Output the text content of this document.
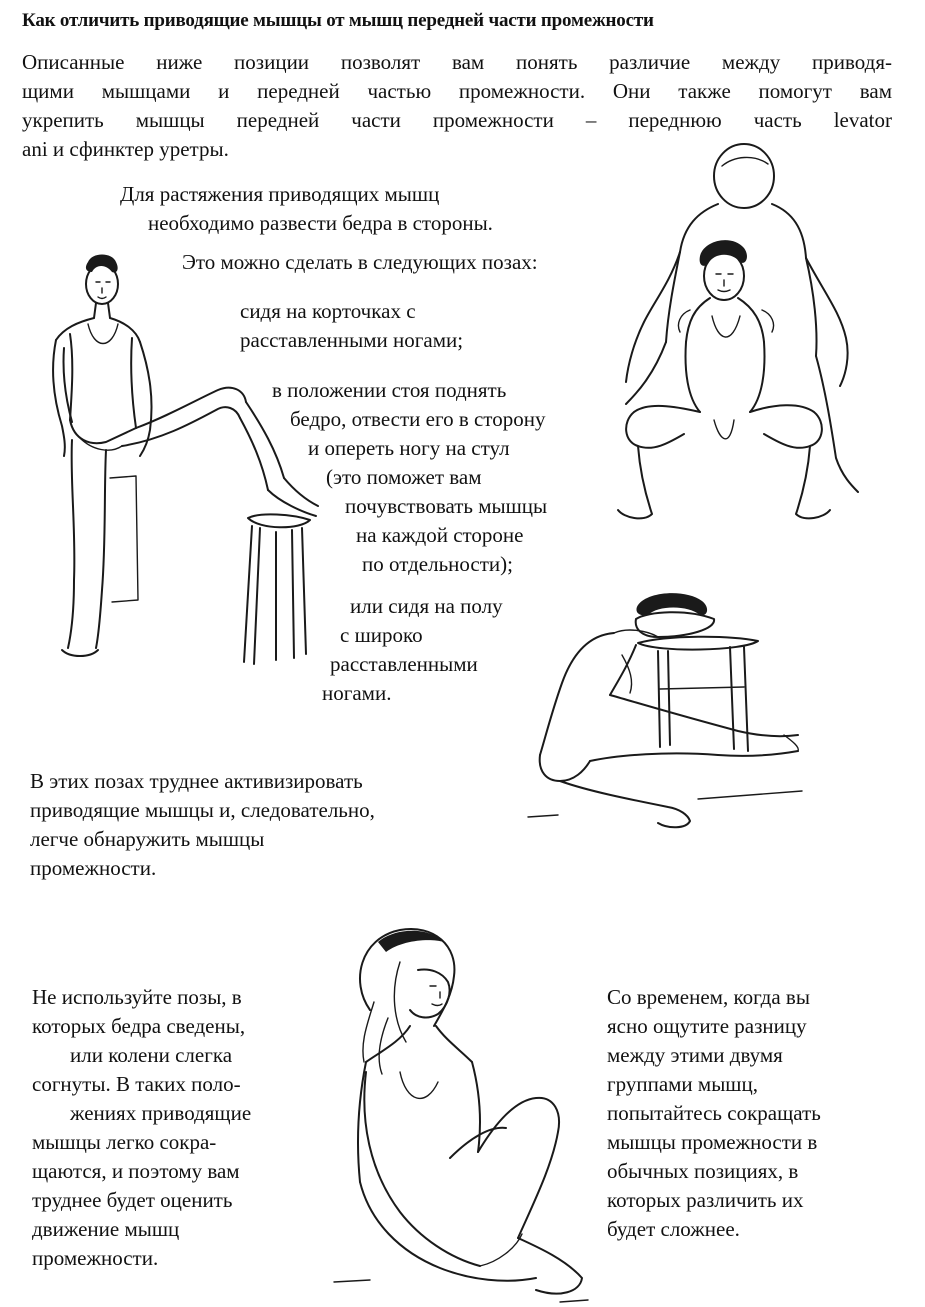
Как отличить приводящие мышцы от мышц передней части промежности
Описанные ниже позиции позволят вам понять различие между приводя-
щими мышцами и передней частью промежности. Они также помогут вам
укрепить мышцы передней части промежности – переднюю часть levator
ani и сфинктер уретры.
Для растяжения приводящих мышц
необходимо развести бедра в стороны.
Это можно сделать в следующих позах:
сидя на корточках с
расставленными ногами;
в положении стоя поднять
бедро, отвести его в сторону
и опереть ногу на стул
(это поможет вам
почувствовать мышцы
на каждой стороне
по отдельности);
или сидя на полу
с широко
расставленными
ногами.
В этих позах труднее активизировать
приводящие мышцы и, следовательно,
легче обнаружить мышцы
промежности.
Не используйте позы, в
которых бедра сведены,
или колени слегка
согнуты. В таких поло-
жениях приводящие
мышцы легко сокра-
щаются, и поэтому вам
труднее будет оценить
движение мышц
промежности.
Со временем, когда вы
ясно ощутите разницу
между этими двумя
группами мышц,
попытайтесь сокращать
мышцы промежности в
обычных позициях, в
которых различить их
будет сложнее.
